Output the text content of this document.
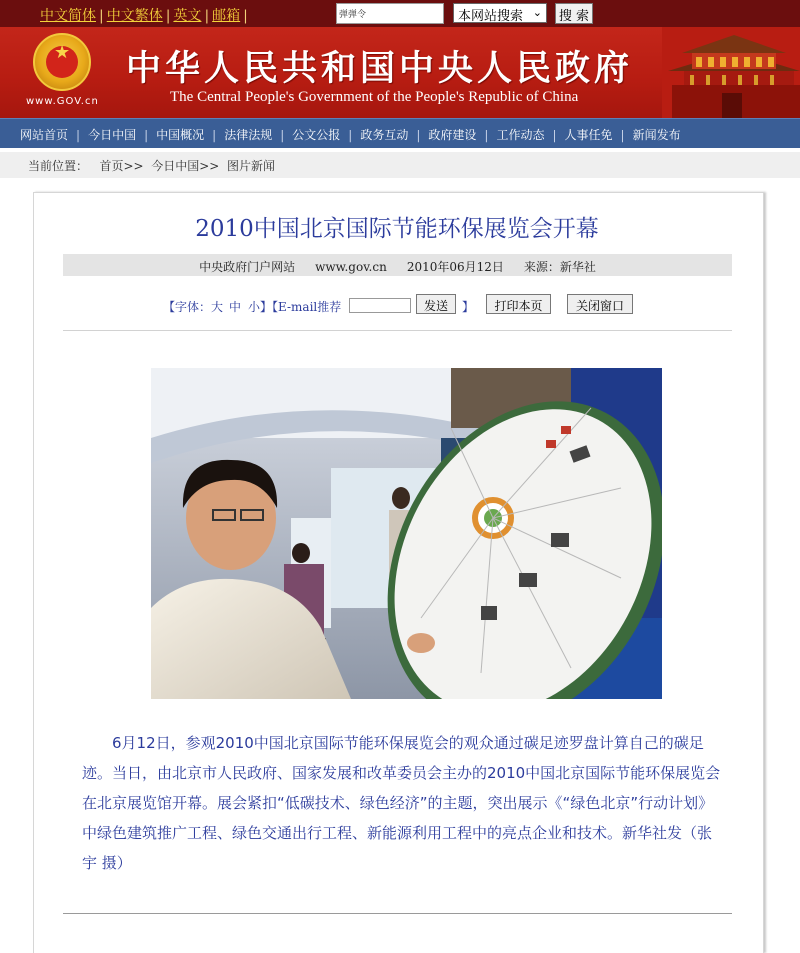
中文简体 | 中文繁体 | 英文 | 邮箱 |	弹弹令	本网站搜索 ⌄	搜 索
★
www.GOV.cn
中华人民共和国中央人民政府
The Central People's Government of the People's Republic of China
网站首页 | 今日中国 | 中国概况 | 法律法规 | 公文公报 | 政务互动 | 政府建设 | 工作动态 | 人事任免 | 新闻发布
当前位置： 首页>> 今日中国>> 图片新闻
2010中国北京国际节能环保展览会开幕
中央政府门户网站 www.gov.cn 2010年06月12日 来源：新华社
【字体： 大 中 小 】【E-mail推荐	】
发送	打印本页	关闭窗口

6月12日，参观2010中国北京国际节能环保展览会的观众通过碳足迹罗盘计算自己的碳足迹。当日，由北京市人民政府、国家发展和改革委员会主办的2010中国北京国际节能环保展览会在北京展览馆开幕。展会紧扣“低碳技术、绿色经济”的主题，突出展示《“绿色北京”行动计划》中绿色建筑推广工程、绿色交通出行工程、新能源利用工程中的亮点企业和技术。新华社发（张宇 摄）
